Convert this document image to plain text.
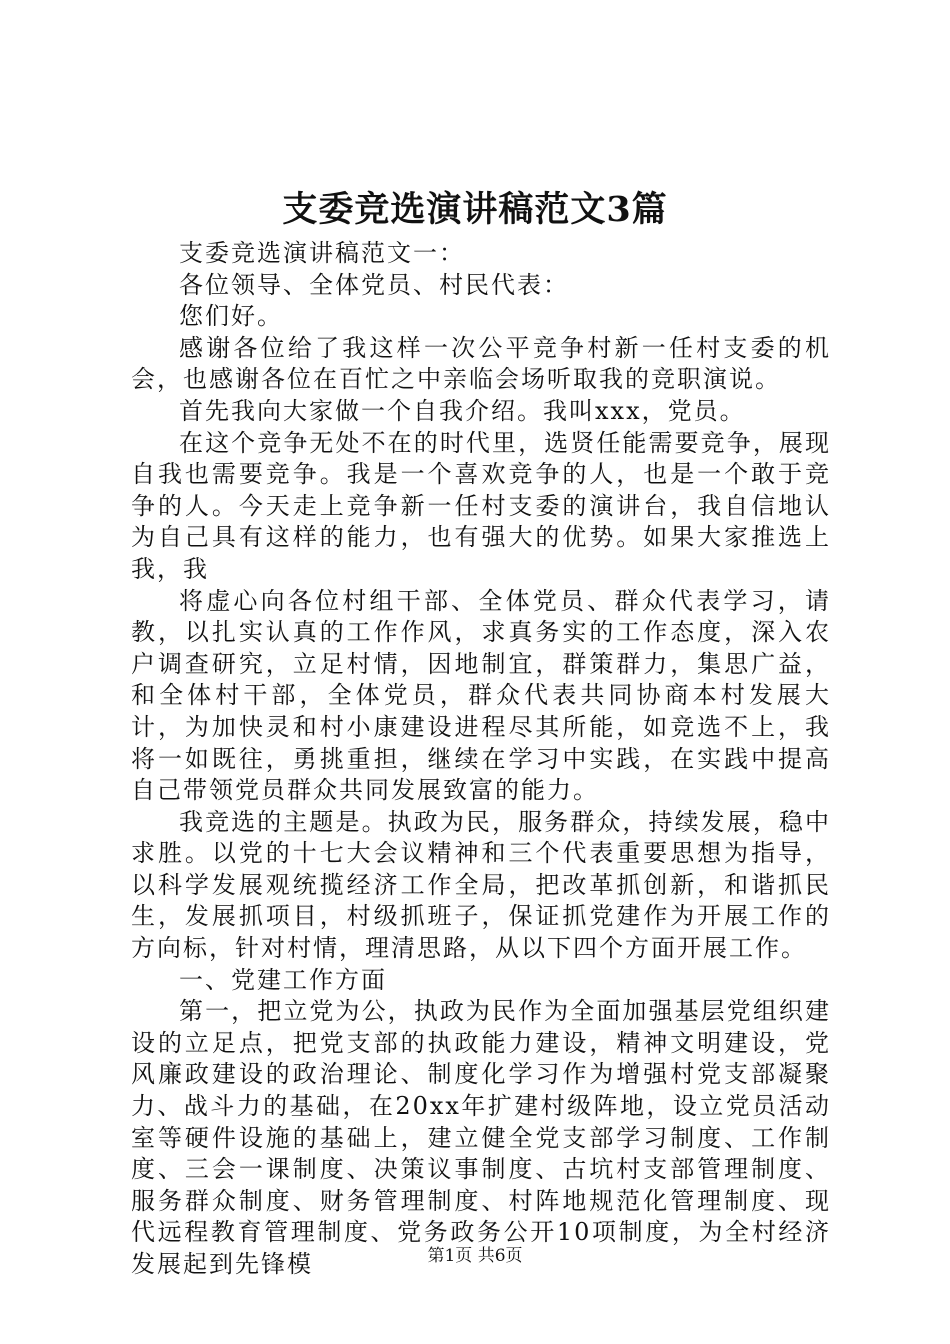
支委竞选演讲稿范文3篇

支委竞选演讲稿范文一：

各位领导、全体党员、村民代表：

您们好。

感谢各位给了我这样一次公平竞争村新一任村支委的机会，也感谢各位在百忙之中亲临会场听取我的竞职演说。

首先我向大家做一个自我介绍。我叫xxx，党员。

在这个竞争无处不在的时代里，选贤任能需要竞争，展现自我也需要竞争。我是一个喜欢竞争的人，也是一个敢于竞争的人。今天走上竞争新一任村支委的演讲台，我自信地认为自己具有这样的能力，也有强大的优势。如果大家推选上我，我

将虚心向各位村组干部、全体党员、群众代表学习，请教，以扎实认真的工作作风，求真务实的工作态度，深入农户调查研究，立足村情，因地制宜，群策群力，集思广益，和全体村干部，全体党员，群众代表共同协商本村发展大计，为加快灵和村小康建设进程尽其所能，如竞选不上，我将一如既往，勇挑重担，继续在学习中实践，在实践中提高自己带领党员群众共同发展致富的能力。

我竞选的主题是。执政为民，服务群众，持续发展，稳中求胜。以党的十七大会议精神和三个代表重要思想为指导，以科学发展观统揽经济工作全局，把改革抓创新，和谐抓民生，发展抓项目，村级抓班子，保证抓党建作为开展工作的方向标，针对村情，理清思路，从以下四个方面开展工作。

一、党建工作方面

第一，把立党为公，执政为民作为全面加强基层党组织建设的立足点，把党支部的执政能力建设，精神文明建设，党风廉政建设的政治理论、制度化学习作为增强村党支部凝聚力、战斗力的基础，在20xx年扩建村级阵地，设立党员活动室等硬件设施的基础上，建立健全党支部学习制度、工作制度、三会一课制度、决策议事制度、古坑村支部管理制度、服务群众制度、财务管理制度、村阵地规范化管理制度、现代远程教育管理制度、党务政务公开10项制度，为全村经济发展起到先锋模	第1页 共6页
